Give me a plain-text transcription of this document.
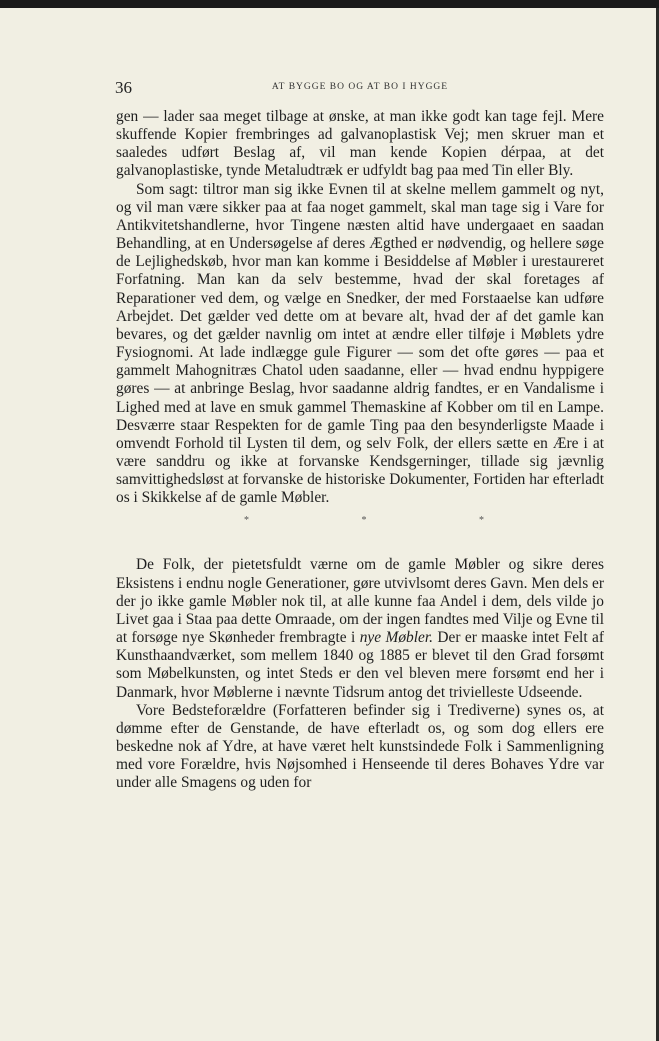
36	AT BYGGE BO OG AT BO I HYGGE

gen — lader saa meget tilbage at ønske, at man ikke godt kan tage fejl. Mere skuffende Kopier frembringes ad galvanoplastisk Vej; men skruer man et saaledes udført Beslag af, vil man kende Kopien dérpaa, at det galvanoplastiske, tynde Metaludtræk er udfyldt bag paa med Tin eller Bly.

Som sagt: tiltror man sig ikke Evnen til at skelne mellem gammelt og nyt, og vil man være sikker paa at faa noget gammelt, skal man tage sig i Vare for Antikvitetshandlerne, hvor Tingene næsten altid have undergaaet en saadan Behandling, at en Undersøgelse af deres Ægthed er nødvendig, og hellere søge de Lejlighedskøb, hvor man kan komme i Besiddelse af Møbler i urestaureret Forfatning. Man kan da selv bestemme, hvad der skal foretages af Reparationer ved dem, og vælge en Snedker, der med Forstaaelse kan udføre Arbejdet. Det gælder ved dette om at bevare alt, hvad der af det gamle kan bevares, og det gælder navnlig om intet at ændre eller tilføje i Møblets ydre Fysiognomi. At lade indlægge gule Figurer — som det ofte gøres — paa et gammelt Mahognitræs Chatol uden saadanne, eller — hvad endnu hyppigere gøres — at anbringe Beslag, hvor saadanne aldrig fandtes, er en Vandalisme i Lighed med at lave en smuk gammel Themaskine af Kobber om til en Lampe. Desværre staar Respekten for de gamle Ting paa den besynderligste Maade i omvendt Forhold til Lysten til dem, og selv Folk, der ellers sætte en Ære i at være sanddru og ikke at forvanske Kendsgerninger, tillade sig jævnlig samvittighedsløst at forvanske de historiske Dokumenter, Fortiden har efterladt os i Skikkelse af de gamle Møbler.

*	*	*

De Folk, der pietetsfuldt værne om de gamle Møbler og sikre deres Eksistens i endnu nogle Generationer, gøre utvivlsomt deres Gavn. Men dels er der jo ikke gamle Møbler nok til, at alle kunne faa Andel i dem, dels vilde jo Livet gaa i Staa paa dette Omraade, om der ingen fandtes med Vilje og Evne til at forsøge nye Skønheder frembragte i nye Møbler. Der er maaske intet Felt af Kunsthaandværket, som mellem 1840 og 1885 er blevet til den Grad forsømt som Møbelkunsten, og intet Steds er den vel bleven mere forsømt end her i Danmark, hvor Møblerne i nævnte Tidsrum antog det trivielleste Udseende.

Vore Bedsteforældre (Forfatteren befinder sig i Trediverne) synes os, at dømme efter de Genstande, de have efterladt os, og som dog ellers ere beskedne nok af Ydre, at have været helt kunstsindede Folk i Sammenligning med vore Forældre, hvis Nøjsomhed i Henseende til deres Bohaves Ydre var under alle Smagens og uden for
